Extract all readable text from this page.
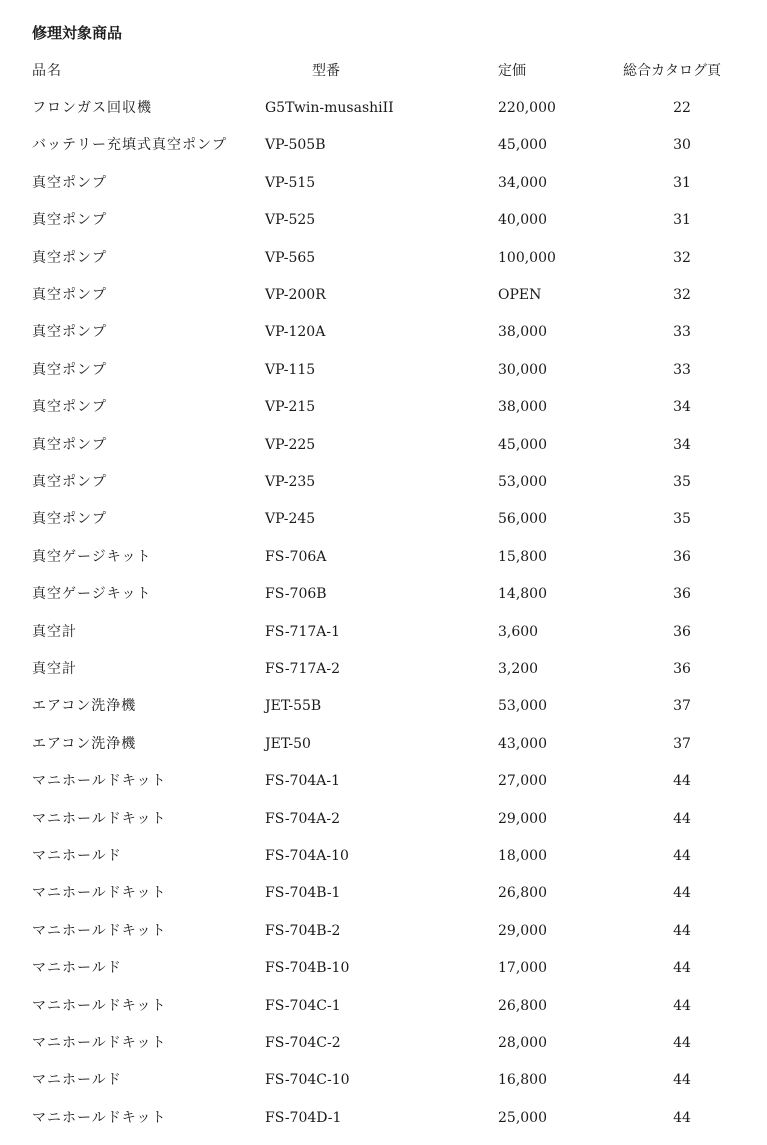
修理対象商品
品名	型番	定価	総合カタログ頁
フロンガス回収機	G5Twin-musashiII	220,000	22
バッテリー充填式真空ポンプ	VP-505B	45,000	30
真空ポンプ	VP-515	34,000	31
真空ポンプ	VP-525	40,000	31
真空ポンプ	VP-565	100,000	32
真空ポンプ	VP-200R	OPEN	32
真空ポンプ	VP-120A	38,000	33
真空ポンプ	VP-115	30,000	33
真空ポンプ	VP-215	38,000	34
真空ポンプ	VP-225	45,000	34
真空ポンプ	VP-235	53,000	35
真空ポンプ	VP-245	56,000	35
真空ゲージキット	FS-706A	15,800	36
真空ゲージキット	FS-706B	14,800	36
真空計	FS-717A-1	3,600	36
真空計	FS-717A-2	3,200	36
エアコン洗浄機	JET-55B	53,000	37
エアコン洗浄機	JET-50	43,000	37
マニホールドキット	FS-704A-1	27,000	44
マニホールドキット	FS-704A-2	29,000	44
マニホールド	FS-704A-10	18,000	44
マニホールドキット	FS-704B-1	26,800	44
マニホールドキット	FS-704B-2	29,000	44
マニホールド	FS-704B-10	17,000	44
マニホールドキット	FS-704C-1	26,800	44
マニホールドキット	FS-704C-2	28,000	44
マニホールド	FS-704C-10	16,800	44
マニホールドキット	FS-704D-1	25,000	44
